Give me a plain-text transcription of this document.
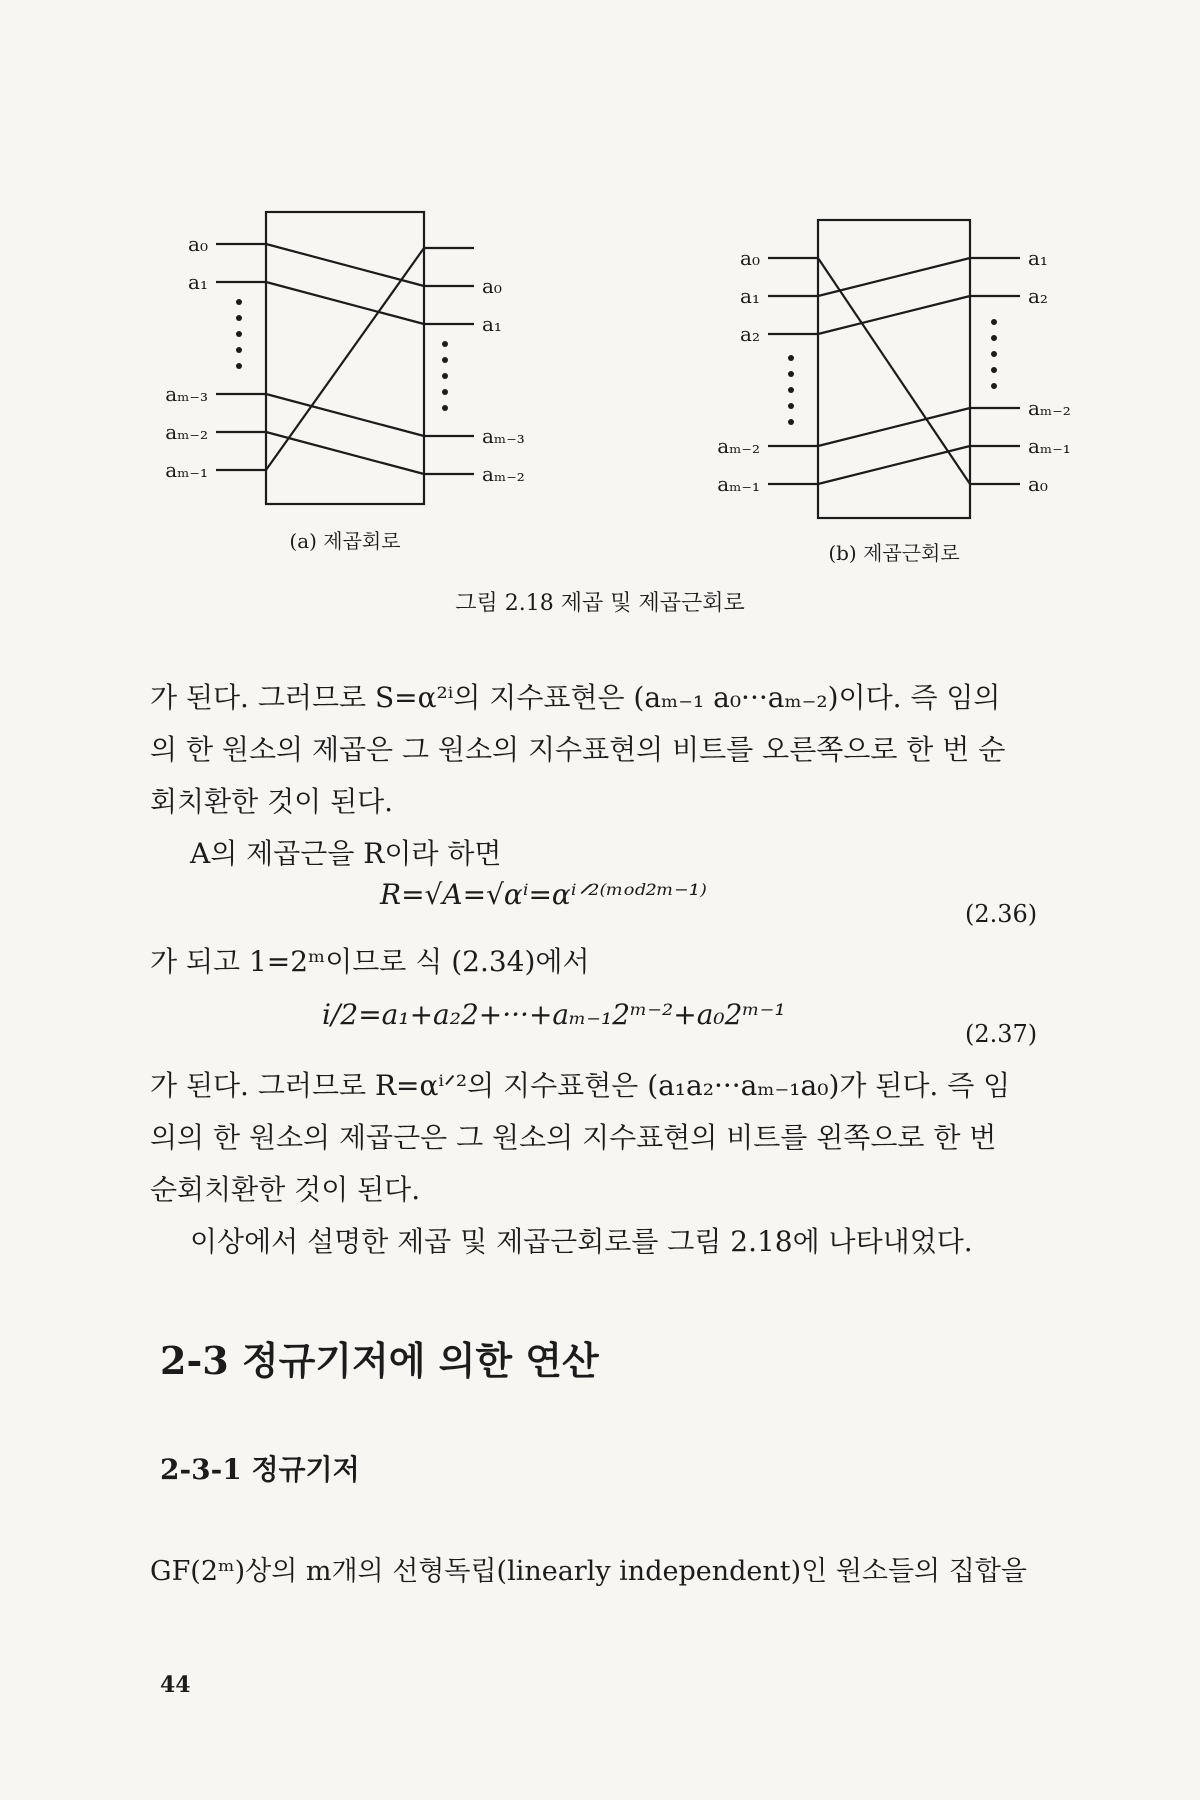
a₀
a₁
aₘ₋₃
aₘ₋₂
aₘ₋₁
a₀
a₁
aₘ₋₃
aₘ₋₂
(a) 제곱회로
a₀
a₁
a₂
aₘ₋₂
aₘ₋₁
a₁
a₂
aₘ₋₂
aₘ₋₁
a₀
(b) 제곱근회로
그림 2.18 제곱 및 제곱근회로

가 된다. 그러므로 S=α²ⁱ의 지수표현은 (aₘ₋₁ a₀···aₘ₋₂)이다. 즉 임의

의 한 원소의 제곱은 그 원소의 지수표현의 비트를 오른쪽으로 한 번 순

회치환한 것이 된다.

A의 제곱근을 R이라 하면

R=√A=√αⁱ=αⁱᐟ²⁽ᵐᵒᵈ²ᵐ⁻¹⁾
(2.36)

가 되고 1=2ᵐ이므로 식 (2.34)에서

i/2=a₁+a₂2+···+aₘ₋₁2ᵐ⁻²+a₀2ᵐ⁻¹
(2.37)

가 된다. 그러므로 R=αⁱᐟ²의 지수표현은 (a₁a₂···aₘ₋₁a₀)가 된다. 즉 임

의의 한 원소의 제곱근은 그 원소의 지수표현의 비트를 왼쪽으로 한 번

순회치환한 것이 된다.

이상에서 설명한 제곱 및 제곱근회로를 그림 2.18에 나타내었다.

2-3 정규기저에 의한 연산
2-3-1 정규기저

GF(2ᵐ)상의 m개의 선형독립(linearly independent)인 원소들의 집합을

44
